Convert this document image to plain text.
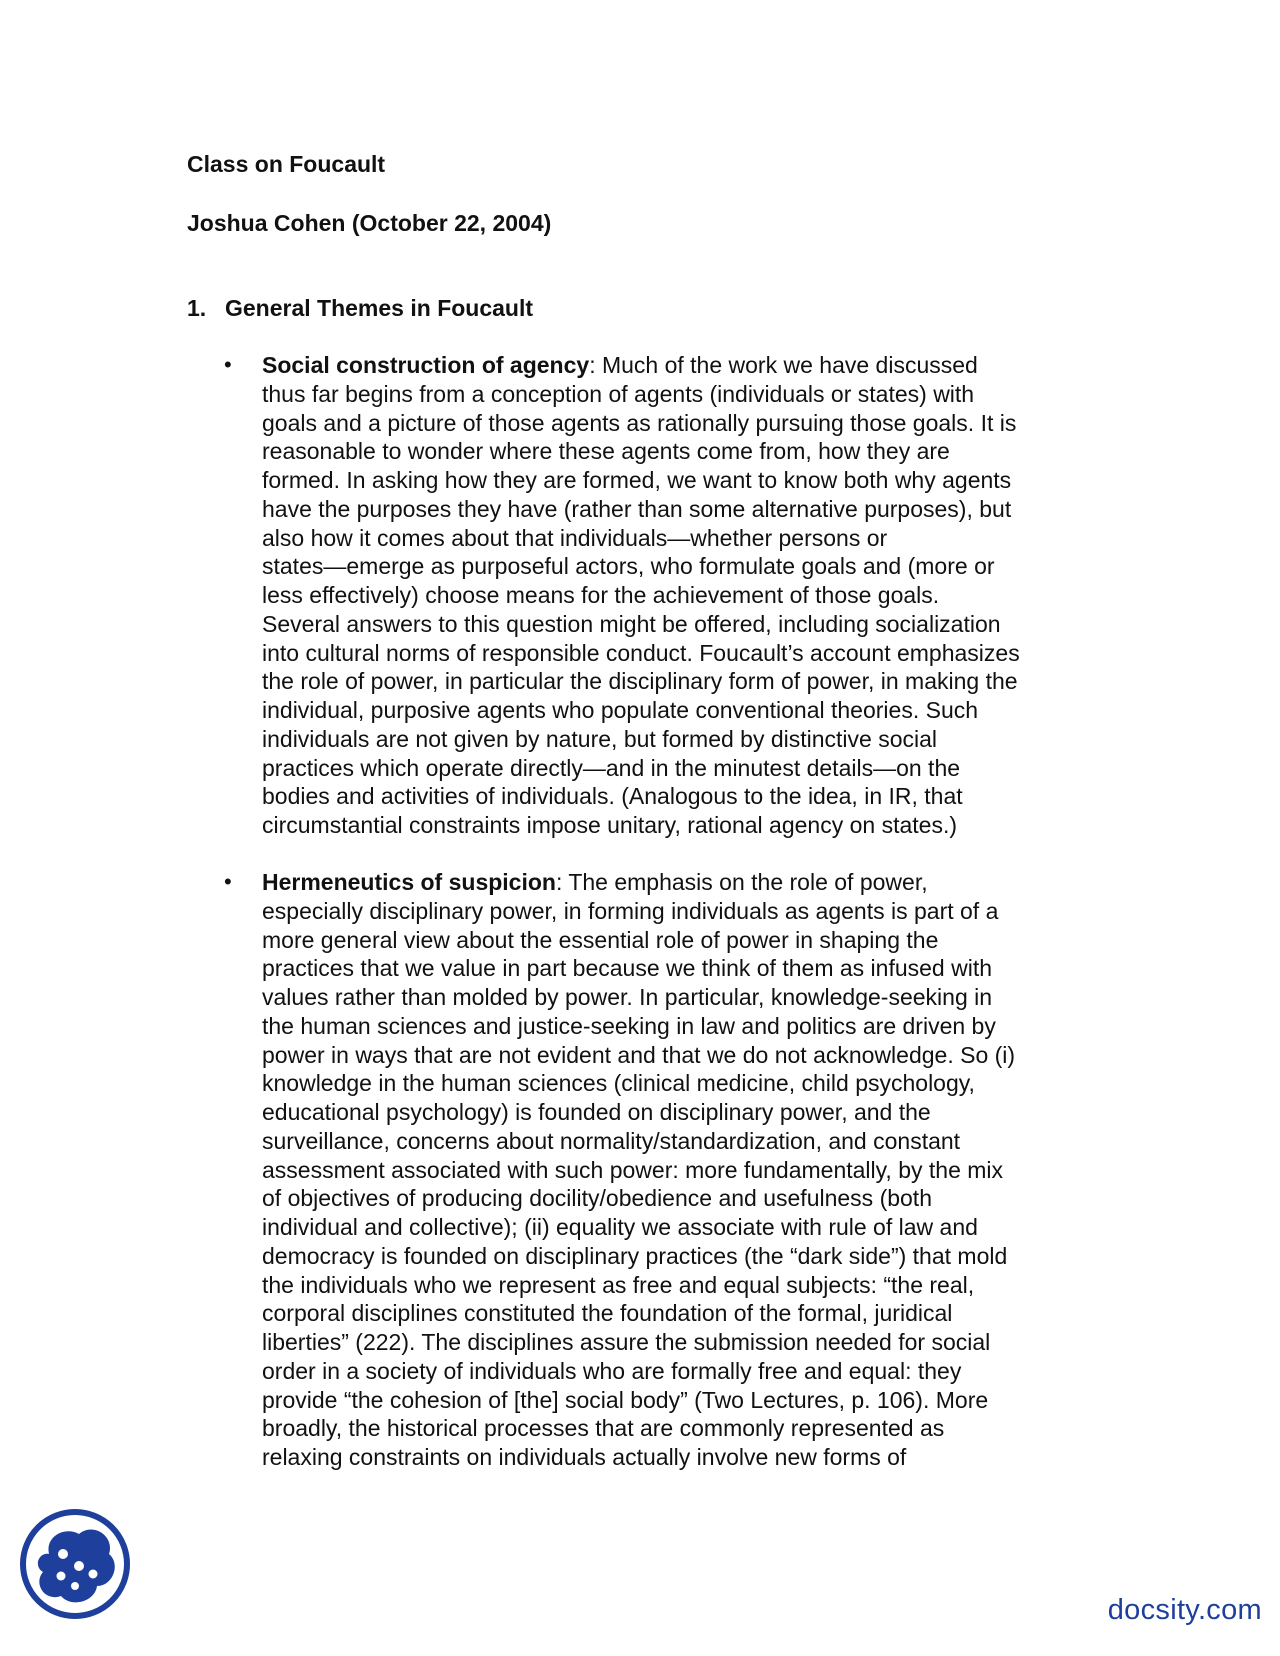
Class on Foucault
Joshua Cohen (October 22, 2004)
1. General Themes in Foucault
• Social construction of agency: Much of the work we have discussed
thus far begins from a conception of agents (individuals or states) with
goals and a picture of those agents as rationally pursuing those goals. It is
reasonable to wonder where these agents come from, how they are
formed. In asking how they are formed, we want to know both why agents
have the purposes they have (rather than some alternative purposes), but
also how it comes about that individuals—whether persons or
states—emerge as purposeful actors, who formulate goals and (more or
less effectively) choose means for the achievement of those goals.
Several answers to this question might be offered, including socialization
into cultural norms of responsible conduct. Foucault’s account emphasizes
the role of power, in particular the disciplinary form of power, in making the
individual, purposive agents who populate conventional theories. Such
individuals are not given by nature, but formed by distinctive social
practices which operate directly—and in the minutest details—on the
bodies and activities of individuals. (Analogous to the idea, in IR, that
circumstantial constraints impose unitary, rational agency on states.)
• Hermeneutics of suspicion: The emphasis on the role of power,
especially disciplinary power, in forming individuals as agents is part of a
more general view about the essential role of power in shaping the
practices that we value in part because we think of them as infused with
values rather than molded by power. In particular, knowledge-seeking in
the human sciences and justice-seeking in law and politics are driven by
power in ways that are not evident and that we do not acknowledge. So (i)
knowledge in the human sciences (clinical medicine, child psychology,
educational psychology) is founded on disciplinary power, and the
surveillance, concerns about normality/standardization, and constant
assessment associated with such power: more fundamentally, by the mix
of objectives of producing docility/obedience and usefulness (both
individual and collective); (ii) equality we associate with rule of law and
democracy is founded on disciplinary practices (the “dark side”) that mold
the individuals who we represent as free and equal subjects: “the real,
corporal disciplines constituted the foundation of the formal, juridical
liberties” (222). The disciplines assure the submission needed for social
order in a society of individuals who are formally free and equal: they
provide “the cohesion of [the] social body” (Two Lectures, p. 106). More
broadly, the historical processes that are commonly represented as
relaxing constraints on individuals actually involve new forms of
docsity.com
